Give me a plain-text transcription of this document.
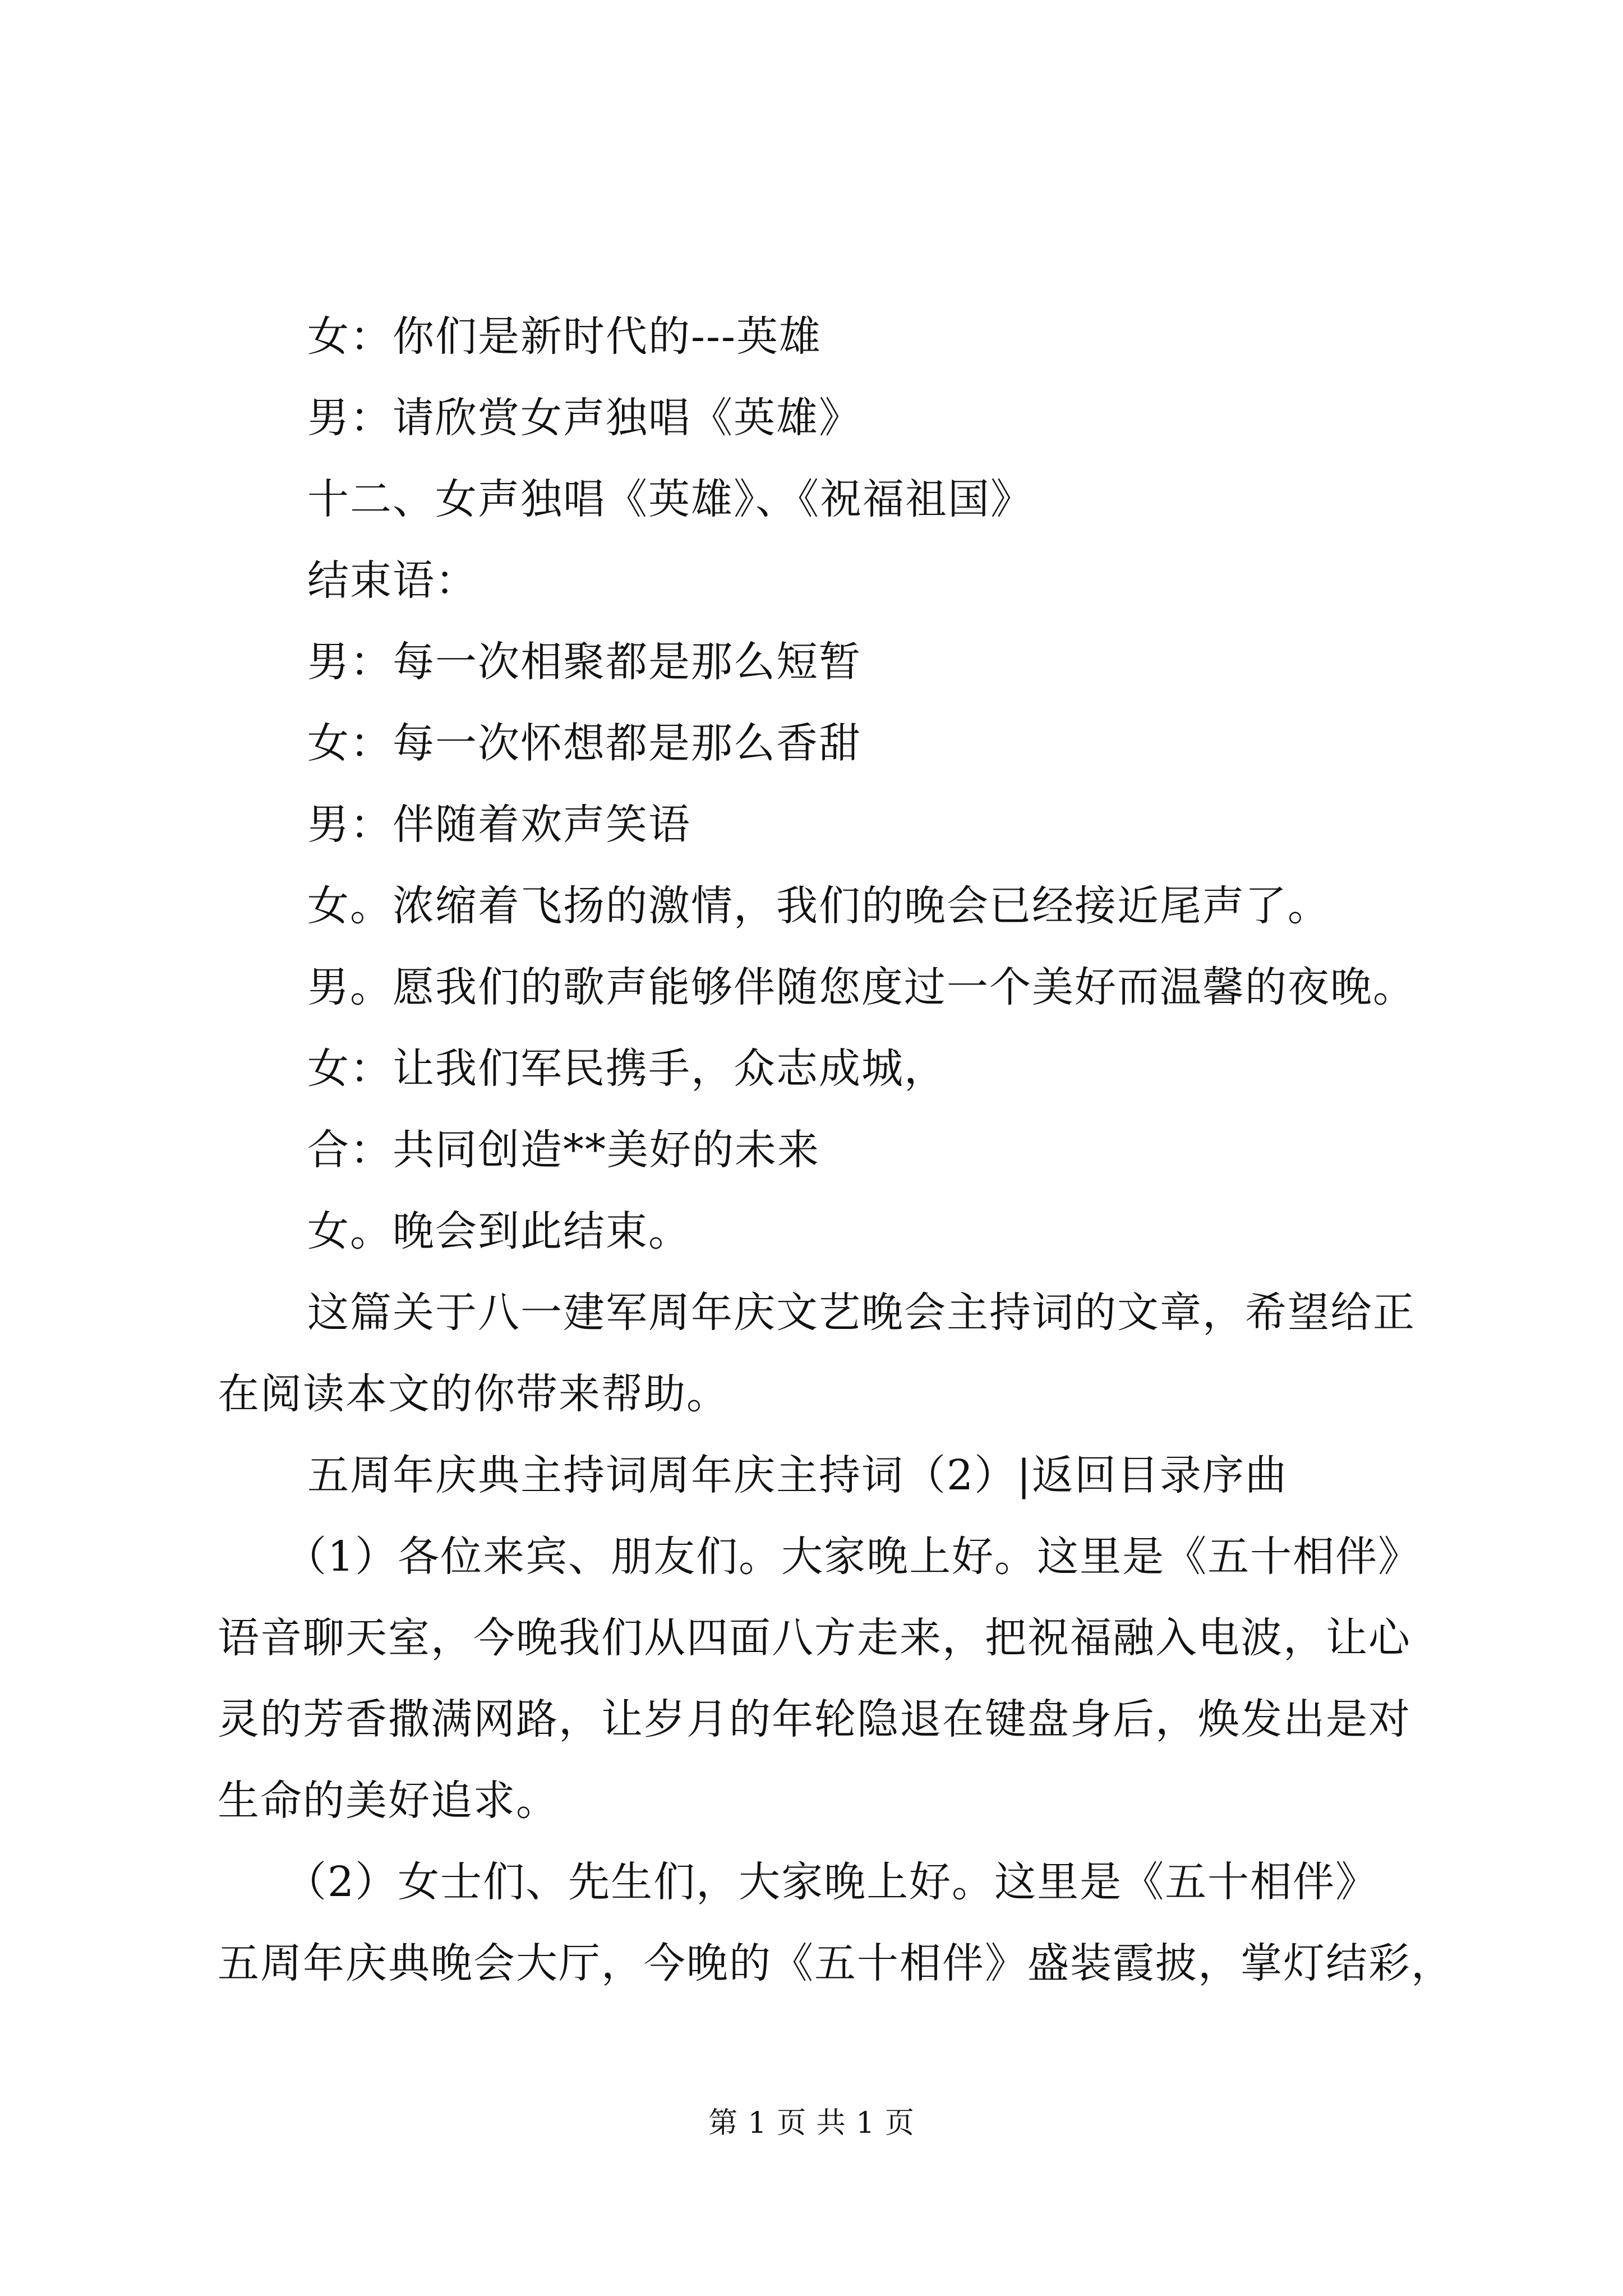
女：你们是新时代的---英雄
男：请欣赏女声独唱《英雄》
十二、女声独唱《英雄》、《祝福祖国》
结束语：
男：每一次相聚都是那么短暂
女：每一次怀想都是那么香甜
男：伴随着欢声笑语
女。浓缩着飞扬的激情，我们的晚会已经接近尾声了。
男。愿我们的歌声能够伴随您度过一个美好而温馨的夜晚。
女：让我们军民携手，众志成城，
合：共同创造**美好的未来
女。晚会到此结束。
这篇关于八一建军周年庆文艺晚会主持词的文章，希望给正
在阅读本文的你带来帮助。
五周年庆典主持词周年庆主持词（2）|返回目录序曲
（1）各位来宾、朋友们。大家晚上好。这里是《五十相伴》
语音聊天室，今晚我们从四面八方走来，把祝福融入电波，让心
灵的芳香撒满网路，让岁月的年轮隐退在键盘身后，焕发出是对
生命的美好追求。
（2）女士们、先生们，大家晚上好。这里是《五十相伴》
五周年庆典晚会大厅，今晚的《五十相伴》盛装霞披，掌灯结彩，
第 1 页 共 1 页
